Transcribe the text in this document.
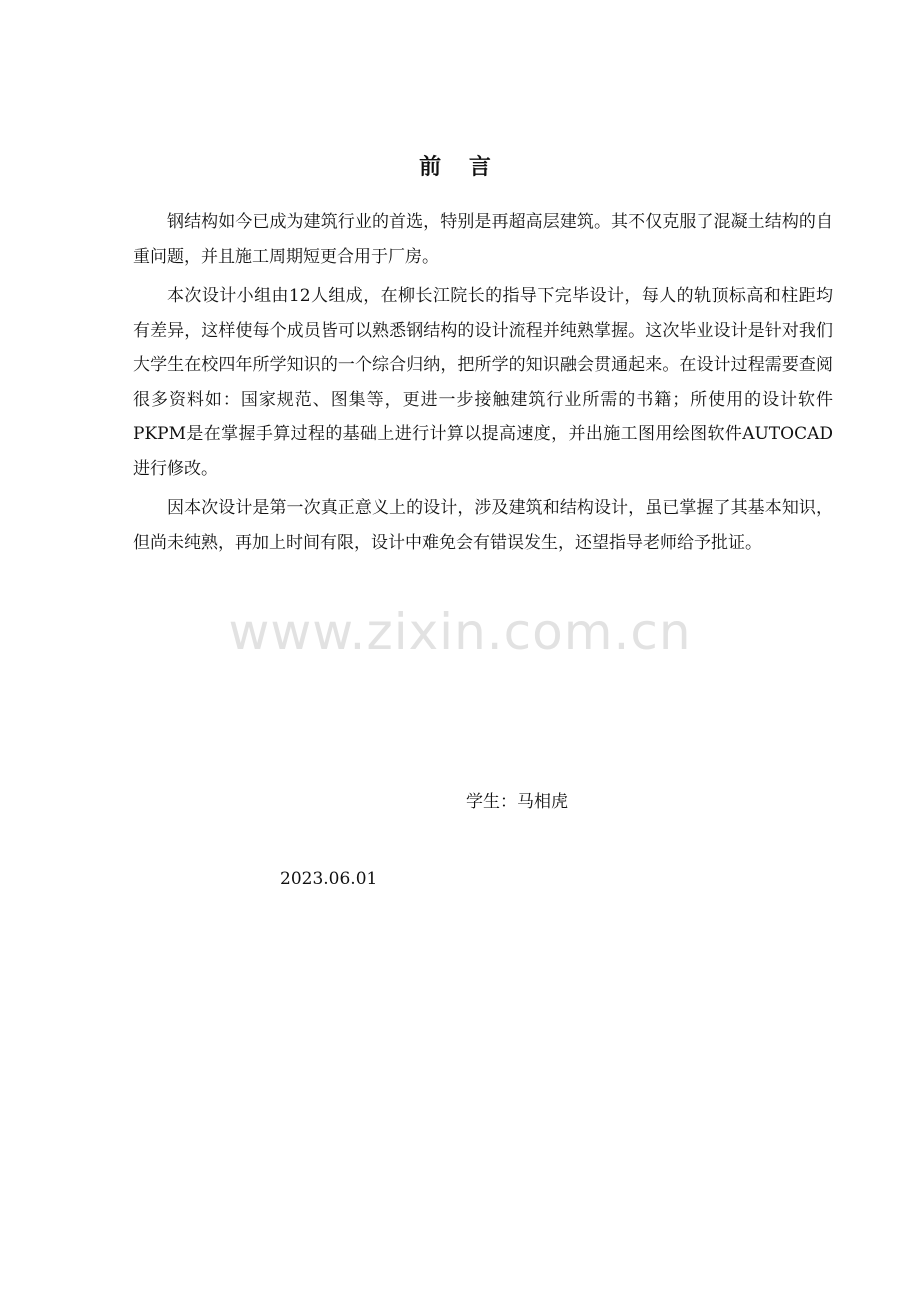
前 言

钢结构如今已成为建筑行业的首选，特别是再超高层建筑。其不仅克服了混凝土结构的自重问题，并且施工周期短更合用于厂房。

本次设计小组由12人组成，在柳长江院长的指导下完毕设计，每人的轨顶标高和柱距均有差异，这样使每个成员皆可以熟悉钢结构的设计流程并纯熟掌握。这次毕业设计是针对我们大学生在校四年所学知识的一个综合归纳，把所学的知识融会贯通起来。在设计过程需要查阅很多资料如：国家规范、图集等，更进一步接触建筑行业所需的书籍；所使用的设计软件PKPM是在掌握手算过程的基础上进行计算以提高速度，并出施工图用绘图软件AUTOCAD进行修改。

因本次设计是第一次真正意义上的设计，涉及建筑和结构设计，虽已掌握了其基本知识，但尚未纯熟，再加上时间有限，设计中难免会有错误发生，还望指导老师给予批证。

www.zixin.com.cn
学生：马相虎
2023.06.01
